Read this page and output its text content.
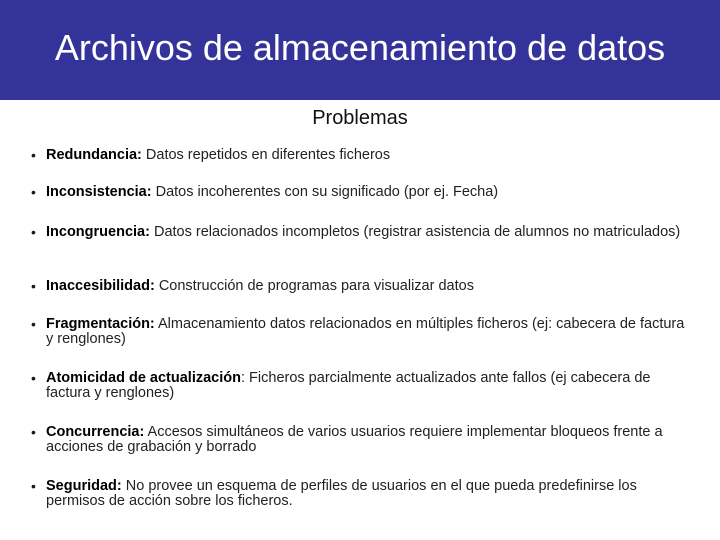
Archivos de almacenamiento de datos
Problemas
• Redundancia: Datos repetidos en diferentes ficheros
• Inconsistencia: Datos incoherentes con su significado (por ej. Fecha)
• Incongruencia: Datos relacionados incompletos (registrar asistencia de alumnos no matriculados)
• Inaccesibilidad: Construcción de programas para visualizar datos
• Fragmentación: Almacenamiento datos relacionados en múltiples ficheros (ej: cabecera de factura y renglones)
• Atomicidad de actualización: Ficheros parcialmente actualizados ante fallos (ej cabecera de factura y renglones)
• Concurrencia: Accesos simultáneos de varios usuarios requiere implementar bloqueos frente a acciones de grabación y borrado
• Seguridad: No provee un esquema de perfiles de usuarios en el que pueda predefinirse los permisos de acción sobre los ficheros.
